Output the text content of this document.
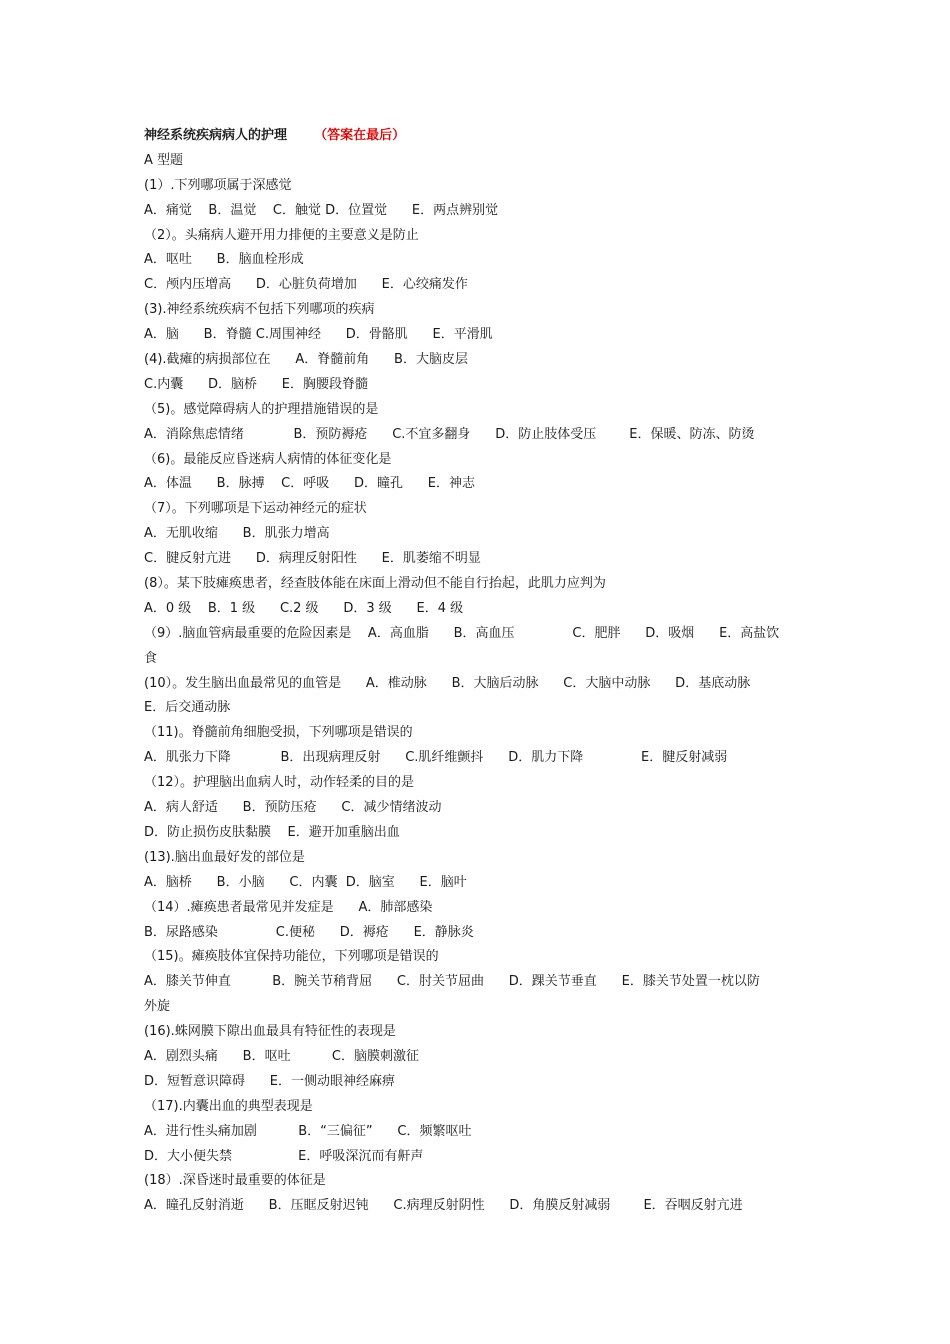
神经系统疾病病人的护理 （答案在最后）
A 型题
(1）.下列哪项属于深感觉
A．痛觉    B．温觉    C．触觉 D．位置觉      E．两点辨别觉
（2）。头痛病人避开用力排便的主要意义是防止
A．呕吐      B．脑血栓形成
C．颅内压增高      D．心脏负荷增加      E．心绞痛发作
(3).神经系统疾病不包括下列哪项的疾病
A．脑      B．脊髓 C.周围神经      D．骨骼肌      E．平滑肌
(4).截瘫的病损部位在      A．脊髓前角      B．大脑皮层
C.内囊      D．脑桥      E．胸腰段脊髓
（5)。感觉障碍病人的护理措施错误的是
A．消除焦虑情绪            B．预防褥疮      C.不宜多翻身      D．防止肢体受压        E．保暖、防冻、防烫
（6)。最能反应昏迷病人病情的体征变化是
A．体温      B．脉搏    C．呼吸      D．瞳孔      E．神志
（7）。下列哪项是下运动神经元的症状
A．无肌收缩      B．肌张力增高
C．腱反射亢进      D．病理反射阳性      E．肌萎缩不明显
(8）。某下肢瘫痪患者，经查肢体能在床面上滑动但不能自行抬起，此肌力应判为
A．0 级    B．1 级      C.2 级      D．3 级      E．4 级
（9）.脑血管病最重要的危险因素是    A．高血脂      B．高血压              C．肥胖      D．吸烟      E．高盐饮
食
(10）。发生脑出血最常见的血管是      A．椎动脉      B．大脑后动脉      C．大脑中动脉      D．基底动脉
E．后交通动脉
（11)。脊髓前角细胞受损，下列哪项是错误的
A．肌张力下降            B．出现病理反射      C.肌纤维颤抖      D．肌力下降              E．腱反射减弱
（12）。护理脑出血病人时，动作轻柔的目的是
A．病人舒适      B．预防压疮      C．减少情绪波动
D．防止损伤皮肤黏膜    E．避开加重脑出血
(13).脑出血最好发的部位是
A．脑桥      B．小脑      C．内囊  D．脑室      E．脑叶
（14）.瘫痪患者最常见并发症是      A．肺部感染
B．尿路感染              C.便秘      D．褥疮      E．静脉炎
（15)。瘫痪肢体宜保持功能位，下列哪项是错误的
A．膝关节伸直          B．腕关节稍背屈      C．肘关节屈曲      D．踝关节垂直      E．膝关节处置一枕以防
外旋
(16).蛛网膜下隙出血最具有特征性的表现是
A．剧烈头痛      B．呕吐          C．脑膜刺激征
D．短暂意识障碍      E．一侧动眼神经麻痹
（17).内囊出血的典型表现是
A．进行性头痛加剧          B．“三偏征”      C．频繁呕吐
D．大小便失禁                E．呼吸深沉而有鼾声
(18）.深昏迷时最重要的体征是
A．瞳孔反射消逝      B．压眶反射迟钝      C.病理反射阴性      D．角膜反射减弱        E．吞咽反射亢进
